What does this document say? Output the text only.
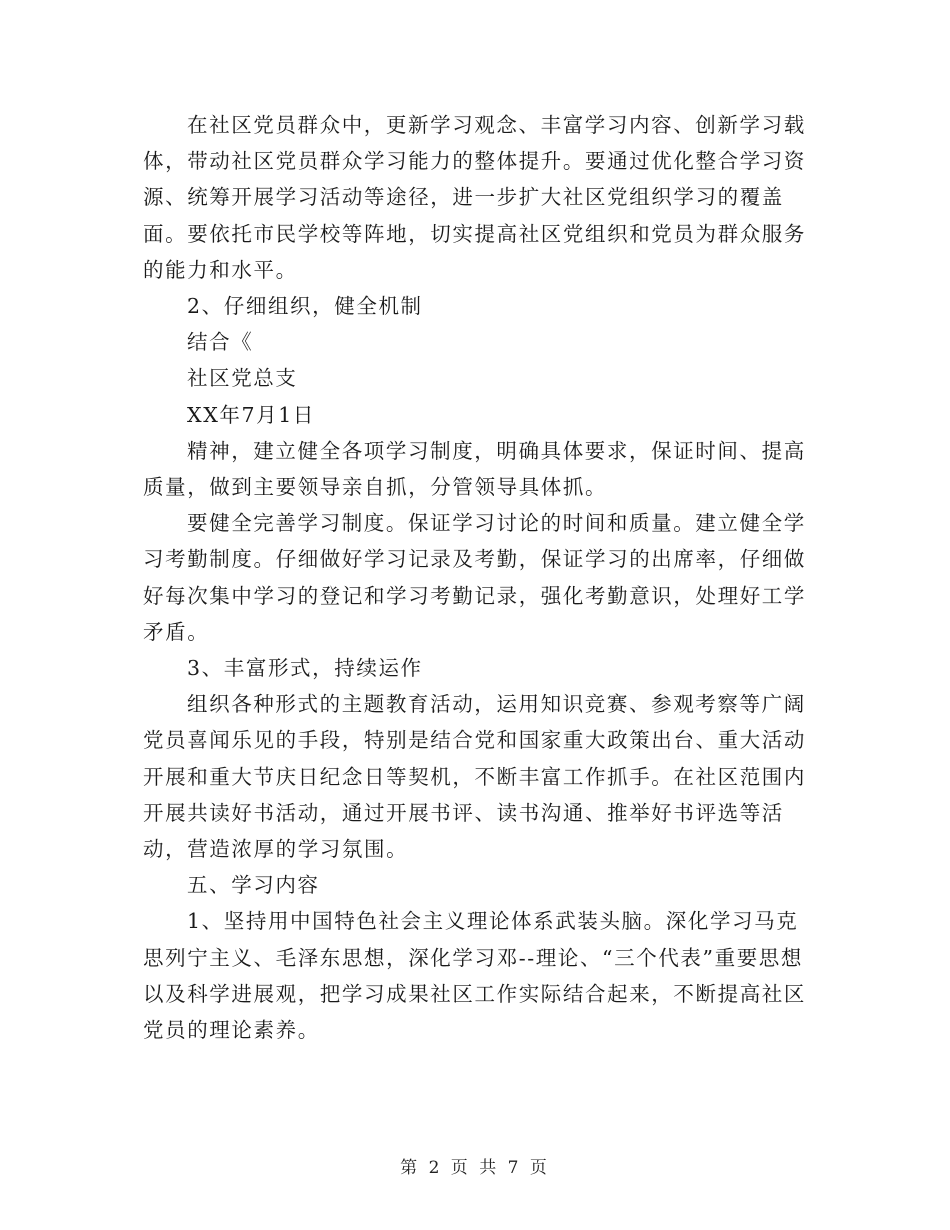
在社区党员群众中，更新学习观念、丰富学习内容、创新学习载体，带动社区党员群众学习能力的整体提升。要通过优化整合学习资源、统筹开展学习活动等途径，进一步扩大社区党组织学习的覆盖面。要依托市民学校等阵地，切实提高社区党组织和党员为群众服务的能力和水平。

2、仔细组织，健全机制

结合《

社区党总支

XX年7月1日

精神，建立健全各项学习制度，明确具体要求，保证时间、提高质量，做到主要领导亲自抓，分管领导具体抓。

要健全完善学习制度。保证学习讨论的时间和质量。建立健全学习考勤制度。仔细做好学习记录及考勤，保证学习的出席率，仔细做好每次集中学习的登记和学习考勤记录，强化考勤意识，处理好工学矛盾。

3、丰富形式，持续运作

组织各种形式的主题教育活动，运用知识竞赛、参观考察等广阔党员喜闻乐见的手段，特别是结合党和国家重大政策出台、重大活动开展和重大节庆日纪念日等契机，不断丰富工作抓手。在社区范围内开展共读好书活动，通过开展书评、读书沟通、推举好书评选等活动，营造浓厚的学习氛围。

五、学习内容

1、坚持用中国特色社会主义理论体系武装头脑。深化学习马克思列宁主义、毛泽东思想，深化学习邓--理论、“三个代表”重要思想以及科学进展观，把学习成果社区工作实际结合起来，不断提高社区党员的理论素养。

第 2 页 共 7 页
